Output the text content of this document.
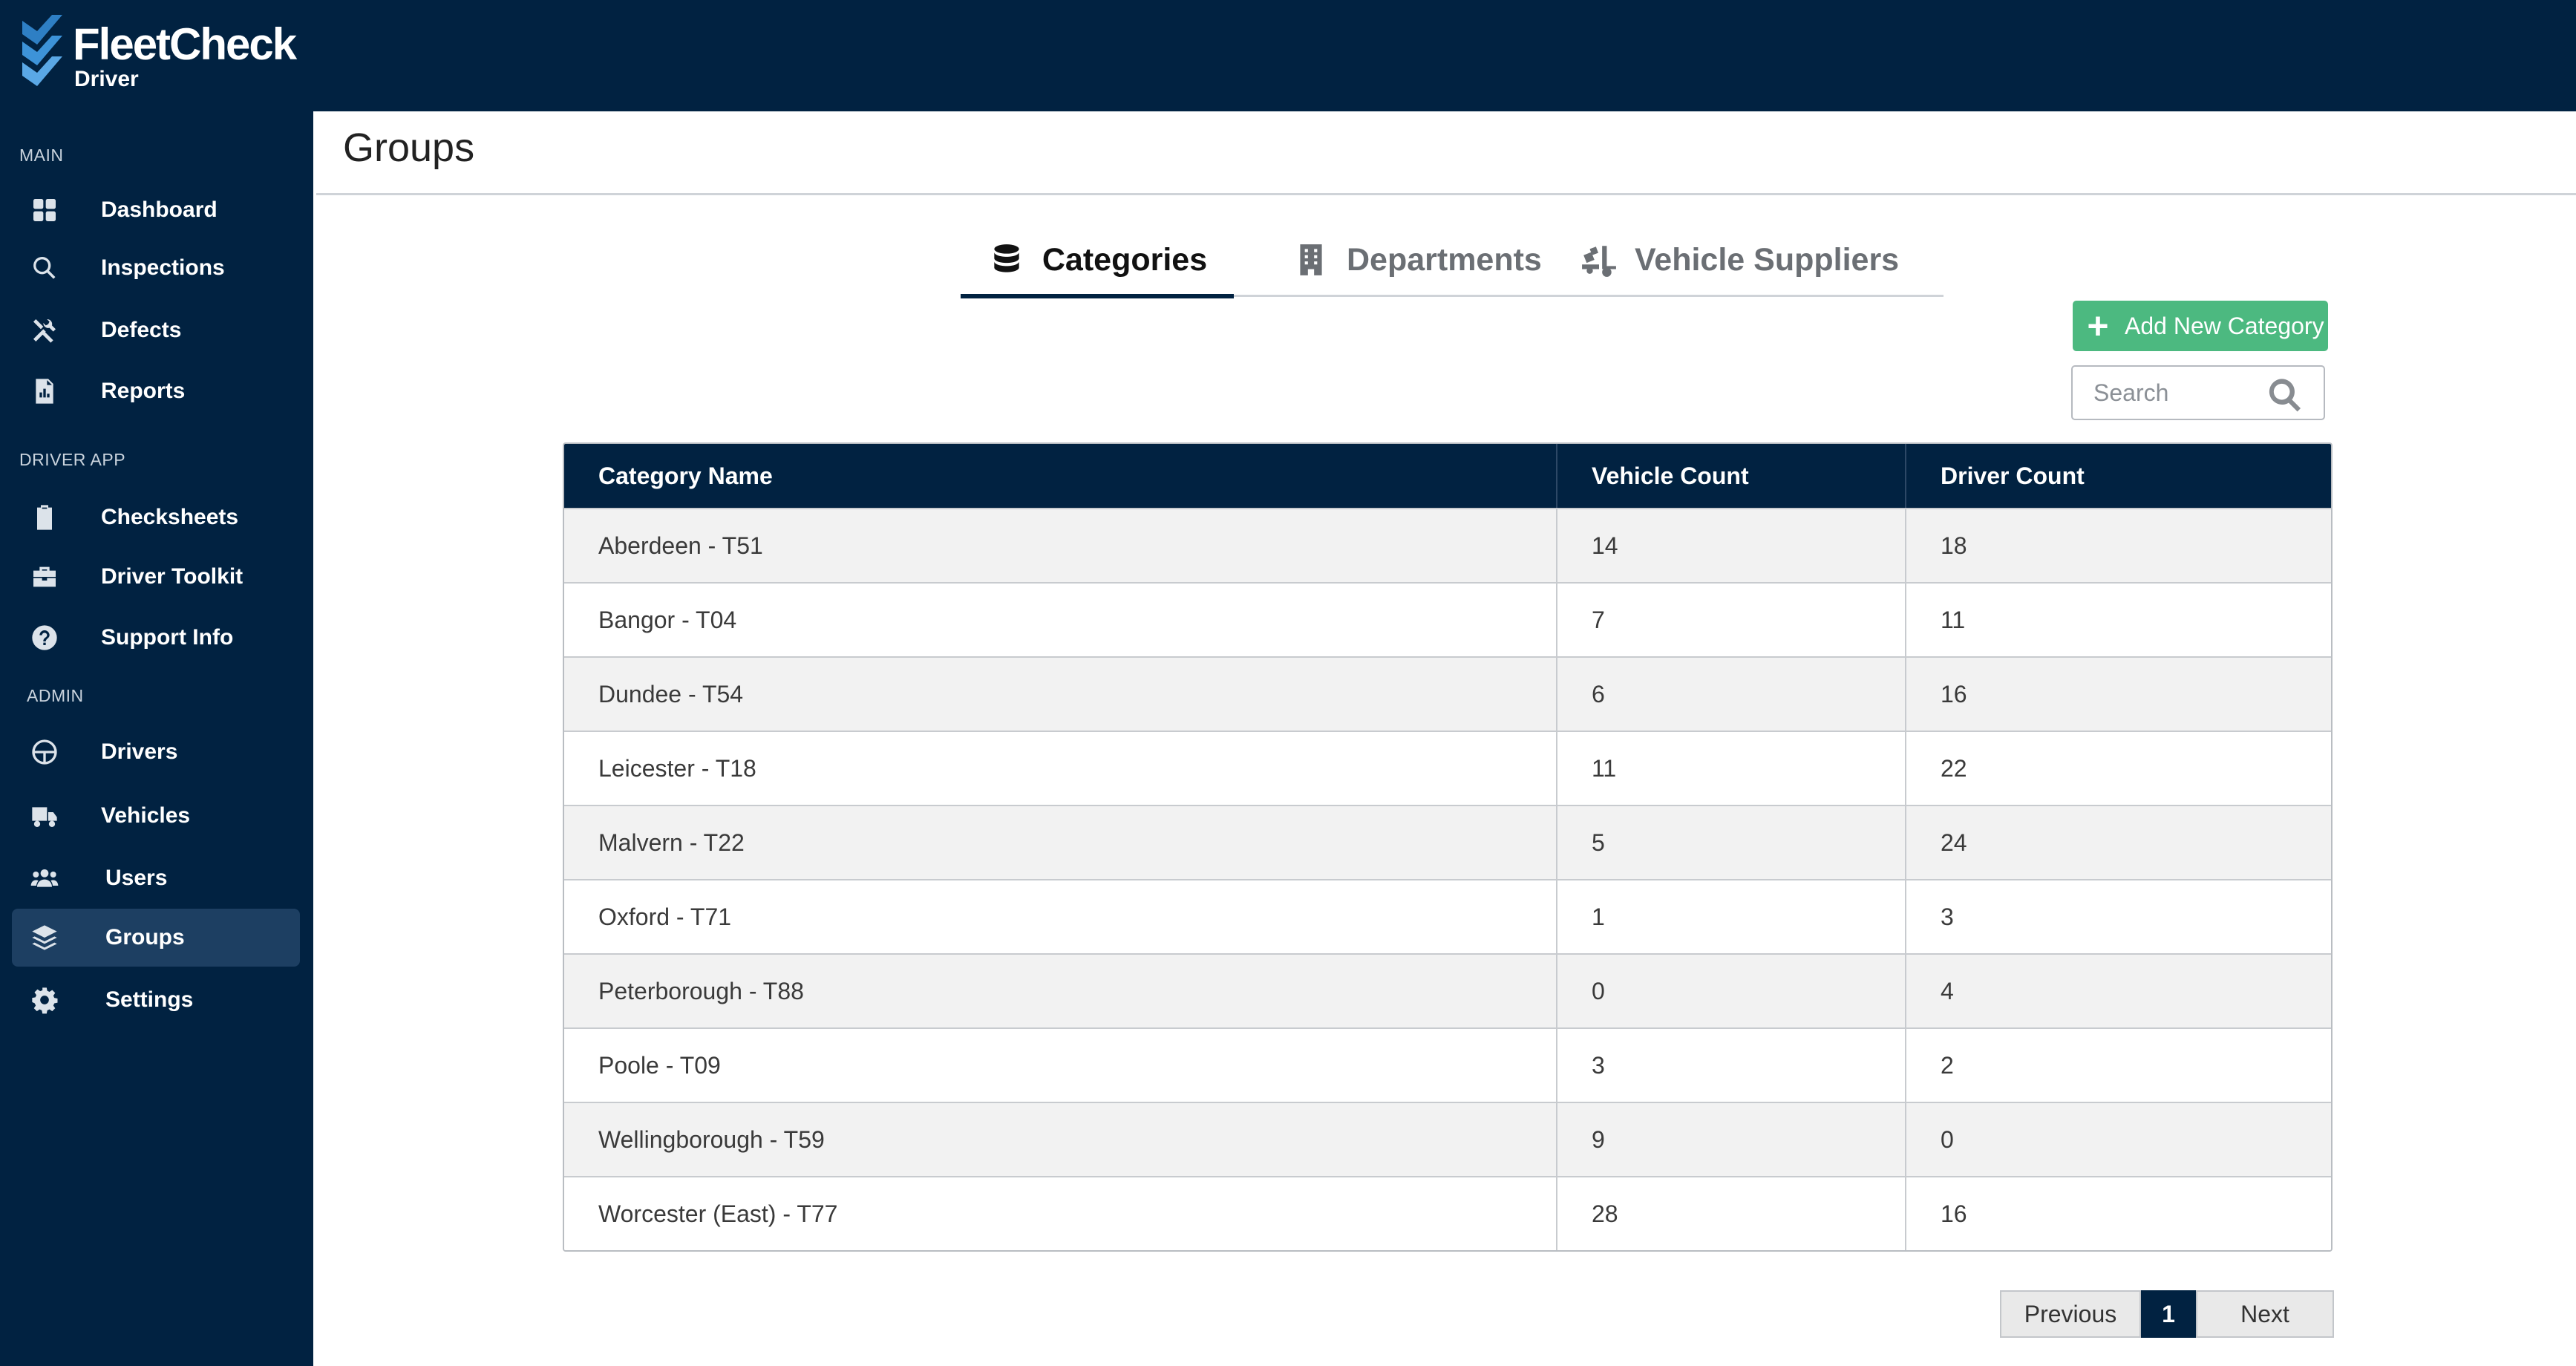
FleetCheck
Driver
MAIN
Dashboard
Inspections
Defects
Reports
DRIVER APP
Checksheets
Driver Toolkit
Support Info
ADMIN
Drivers
Vehicles
Users
Groups
Settings
Groups
Categories	Departments	Vehicle Suppliers
+ Add New Category
Search
Category Name	Vehicle Count	Driver Count
Aberdeen - T51	14	18
Bangor - T04	7	11
Dundee - T54	6	16
Leicester - T18	11	22
Malvern - T22	5	24
Oxford - T71	1	3
Peterborough - T88	0	4
Poole - T09	3	2
Wellingborough - T59	9	0
Worcester (East) - T77	28	16
Previous	1	Next
